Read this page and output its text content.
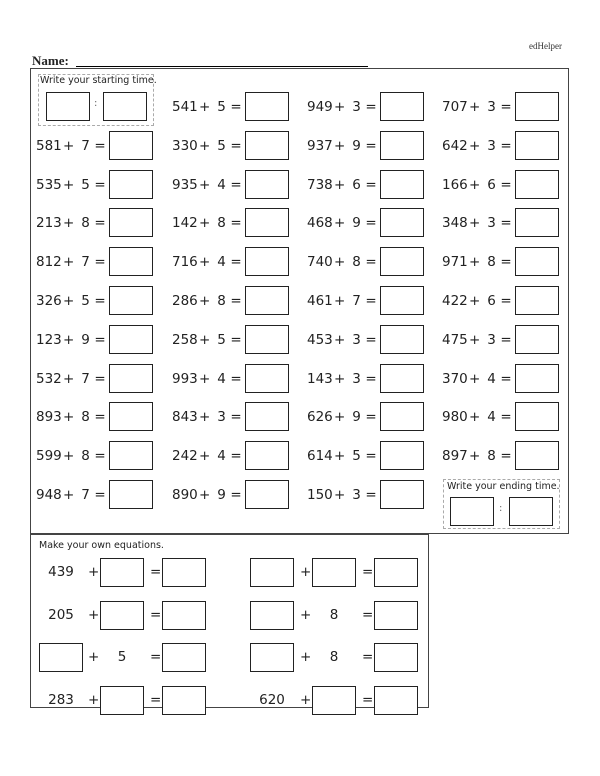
edHelper
Name:
Write your starting time.
:
Write your ending time.
:
541 + 5 =	949 + 3 =	707 + 3 =
581 + 7 =	330 + 5 =	937 + 9 =	642 + 3 =
535 + 5 =	935 + 4 =	738 + 6 =	166 + 6 =
213 + 8 =	142 + 8 =	468 + 9 =	348 + 3 =
812 + 7 =	716 + 4 =	740 + 8 =	971 + 8 =
326 + 5 =	286 + 8 =	461 + 7 =	422 + 6 =
123 + 9 =	258 + 5 =	453 + 3 =	475 + 3 =
532 + 7 =	993 + 4 =	143 + 3 =	370 + 4 =
893 + 8 =	843 + 3 =	626 + 9 =	980 + 4 =
599 + 8 =	242 + 4 =	614 + 5 =	897 + 8 =
948 + 7 =	890 + 9 =	150 + 3 =
Make your own equations.
439	+	=	+	=
205	+	=	+	8	=
+	5	=	+	8	=
283	+	=	620	+	=
